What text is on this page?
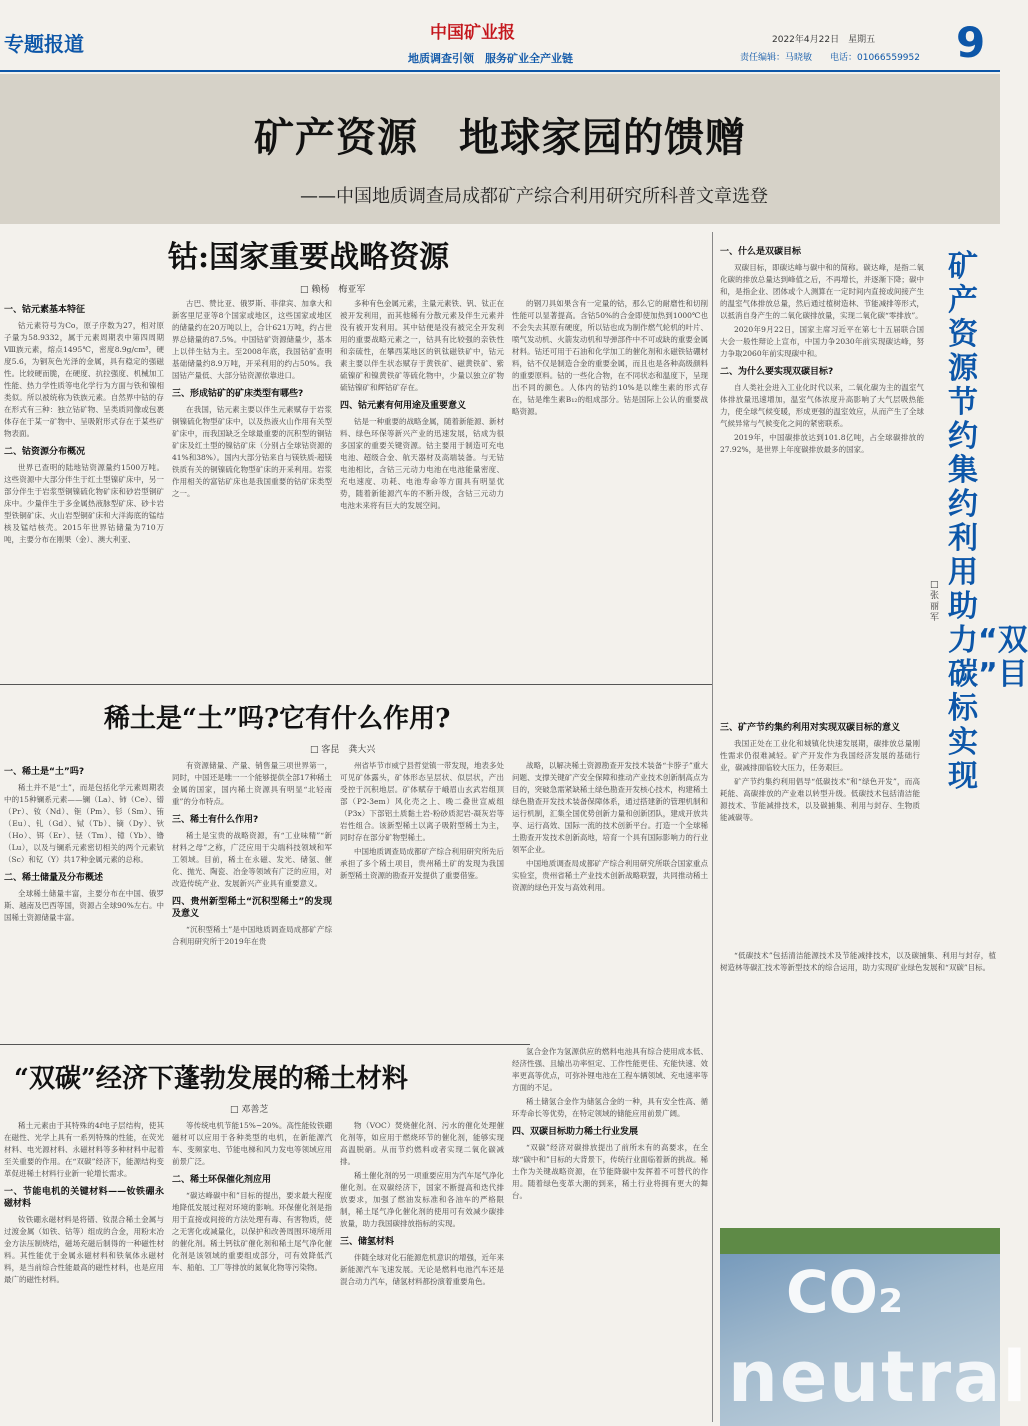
专题报道	中国矿业报
地质调查引领　服务矿业全产业链
2022年4月22日　星期五
责任编辑：马晓敏　　电话：01066559952 9
矿产资源　地球家园的馈赠
——中国地质调查局成都矿产综合利用研究所科普文章选登
钴:国家重要战略资源
□ 赖杨　梅亚军
一、钴元素基本特征

钴元素符号为Co，原子序数为27，相对原子量为58.9332，属于元素周期表中第四周期Ⅷ族元素，熔点1495℃，密度8.9g/cm³，硬度5.6，为铜灰色光泽的金属，具有稳定的强磁性。比较硬而脆，在硬度、抗拉强度、机械加工性能、热力学性质等电化学行为方面与铁和镍相类似。所以被统称为铁族元素。自然界中钴的存在形式有三种：独立钴矿物、呈类质同像或包裹体存在于某一矿物中、呈吸附形式存在于某些矿物表面。

二、钴资源分布概况

世界已查明的陆地钴资源量约1500万吨。这些资源中大部分伴生于红土型镍矿床中，另一部分伴生于岩浆型铜镍硫化物矿床和砂岩型铜矿床中。少量伴生于多金属热液脉型矿床、砂卡岩型铁铜矿床、火山岩型铜矿床和大洋海底的锰结核及锰结核壳。2015年世界钴储量为710万吨，主要分布在刚果（金）、澳大利亚、

古巴、赞比亚、俄罗斯、菲律宾、加拿大和新客里尼亚等8个国家或地区，这些国家或地区的储量约在20万吨以上，合计621万吨，约占世界总储量的87.5%。中国钴矿资源储量少，基本上以伴生钴为主。至2008年底，我国钴矿查明基础储量约8.9万吨，开采利用的约占50%。我国钴产量低、大部分钴资源依靠进口。

三、形成钴矿的矿床类型有哪些?

在我国，钴元素主要以伴生元素赋存于岩浆铜镍硫化物型矿床中，以及热液火山作用有关型矿床中，而我国缺乏全球最重要的沉积型的铜钴矿床及红土型的镍钴矿床（分别占全球钴资源的41%和38%）。国内大部分钴来自与镁铁质-超镁铁质有关的铜镍硫化物型矿床的开采利用。岩浆作用相关的富钴矿床也是我国重要的钴矿床类型之一。

多种有色金属元素，主量元素铁、钒、钛正在被开发利用，而其他稀有分散元素及伴生元素并没有被开发利用。其中钴便是没有被完全开发利用的重要战略元素之一，钴具有比较强的亲铁性和亲硫性，在攀西某地区的钒钛磁铁矿中，钴元素主要以伴生状态赋存于黄铁矿、磁黄铁矿、紫硫镍矿和镍黄铁矿等硫化物中，少量以独立矿物硫钴镍矿和辉钴矿存在。

四、钴元素有何用途及重要意义

钴是一种重要的战略金属，随着新能源、新材料、绿色环保等新兴产业的迅速发展，钴成为很多国家的重要关键资源。钴主要用于制造可充电电池、超级合金、航天器材及高端装备。与无钴电池相比，含钴三元动力电池在电池能量密度、充电速度、功耗、电池寿命等方面具有明显优势，随着新能源汽车的不断升级，含钴三元动力电池未来将有巨大的发展空间。

的钢刀具如果含有一定量的钴，那么它的耐磨性和切削性能可以显著提高。含钴50%的合金即使加热到1000℃也不会失去其原有硬度，所以钴也成为制作燃气轮机的叶片、喷气发动机、火箭发动机和导弹部件中不可或缺的重要金属材料。钴还可用于石油和化学加工的催化剂和永磁铁钴硼材料，钴不仅是制造合金的重要金属，而且也是各种高级颜料的重要原料。钴的一些化合物，在不同状态和温度下，呈现出不同的颜色。人体内的钴约10%是以维生素的形式存在，钴是维生素B₁₂的组成部分。钴是国际上公认的重要战略资源。

稀土是“土”吗?它有什么作用?
□ 客昆　龚大兴
一、稀土是“土”吗?

稀土并不是“土”，而是包括化学元素周期表中的15种镧系元素——镧（La）、铈（Ce）、镨（Pr）、钕（Nd）、钷（Pm）、钐（Sm）、铕（Eu）、钆（Gd）、铽（Tb）、镝（Dy）、钬（Ho）、铒（Er）、铥（Tm）、镱（Yb）、镥（Lu），以及与镧系元素密切相关的两个元素钪（Sc）和钇（Y）共17种金属元素的总称。

二、稀土储量及分布概述

全球稀土储量丰富，主要分布在中国、俄罗斯、越南及巴西等国，资源占全球90%左右。中国稀土资源储量丰富。

有资源储量、产量、销售量三项世界第一，同时，中国还是唯一一个能够提供全部17种稀土金属的国家，国内稀土资源具有明显“北轻南重”的分布特点。

三、稀土有什么作用?

稀土是宝贵的战略资源，有“工业味精”“新材料之母”之称，广泛应用于尖端科技领域和军工领域。目前，稀土在永磁、发光、储氢、催化、抛光、陶瓷、冶金等领域有广泛的应用，对改造传统产业、发展新兴产业具有重要意义。

四、贵州新型稀土“沉积型稀土”的发现及意义

“沉积型稀土”是中国地质调查局成都矿产综合利用研究所于2019年在贵

州省毕节市威宁县哲觉镇一带发现，地表多处可见矿体露头，矿体形态呈层状、似层状，产出受控于沉积地层。矿体赋存于峨眉山玄武岩组顶部（P2-3em）风化壳之上、晚二叠世宣威组（P3x）下部铝土质黏土岩-粉砂质泥岩-凝灰岩等岩性组合。该新型稀土以离子吸附型稀土为主，同时存在部分矿物型稀土。

中国地质调查局成都矿产综合利用研究所先后承担了多个稀土项目，贵州稀土矿的发现为我国新型稀土资源的勘查开发提供了重要借鉴。

战略，以解决稀土资源勘查开发技术装备“卡脖子”重大问题、支撑关键矿产安全保障和推动产业技术创新制高点为目的，突破急需紧缺稀土绿色勘查开发核心技术，构建稀土绿色勘查开发技术装备保障体系，通过搭建新的管理机制和运行机制，汇集全国优势创新力量和创新团队，建成开放共享、运行高效、国际一流的技术创新平台。打造一个全球稀土勘查开发技术创新高地，培育一个具有国际影响力的行业领军企业。

中国地质调查局成都矿产综合利用研究所联合国家重点实验室，贵州省稀土产业技术创新战略联盟，共同推动稀土资源的绿色开发与高效利用。

“双碳”经济下蓬勃发展的稀土材料
□ 邓善芝

稀土元素由于其特殊的4f电子层结构，使其在磁性、光学上具有一系列特殊的性能，在荧光材料、电光源材料、永磁材料等多种材料中起着至关重要的作用。在“双碳”经济下，能源结构变革促进稀土材料行业新一轮增长需求。

一、节能电机的关键材料——钕铁硼永磁材料

钕铁硼永磁材料是将镨、钕混合稀土金属与过渡金属（如铁、钴等）组成的合金，用粉末冶金方法压制烧结，磁场充磁后制得的一种磁性材料。其性能优于金属永磁材料和铁氧体永磁材料，是当前综合性能最高的磁性材料，也是应用最广的磁性材料。

等传统电机节能15%~20%。高性能钕铁硼磁材可以应用于各种类型的电机，在新能源汽车、变频家电、节能电梯和风力发电等领域应用前景广泛。

二、稀土环保催化剂应用

“碳达峰碳中和”目标的提出，要求最大程度地降低发展过程对环境的影响。环保催化剂是指用于直接或间接的方法处理有毒、有害物质，使之无害化或减量化，以保护和改善周围环境所用的催化剂。稀土钙钛矿催化剂和稀土尾气净化催化剂是该领域的重要组成部分，可有效降低汽车、船舶、工厂等排放的氮氧化物等污染物。

物（VOC）焚烧催化剂、污水的催化处理催化剂等，如应用于燃烧环节的催化剂，能够实现高温脱硝。从而节约燃料或者实现二氧化碳减排。

稀土催化剂的另一项重要应用为汽车尾气净化催化剂。在双碳经济下，国家不断提高和迭代排放要求，加强了燃油发标准和各油车的严格限制，稀土尾气净化催化剂的使用可有效减少碳排放量，助力我国碳排放指标的实现。

三、储氢材料

伴随全球对化石能源危机意识的增强，近年来新能源汽车飞速发展。无论是燃料电池汽车还是混合动力汽车，储氢材料都扮演着重要角色。

氢合金作为氢源供应的燃料电池具有综合使用成本低、经济性强、且输出功率恒定、工作性能更佳、充能快速、效率更高等优点，可弥补锂电池在工程车辆领域、充电速率等方面的不足。

稀土储氢合金作为储氢合金的一种，具有安全性高、循环寿命长等优势，在特定领域的储能应用前景广阔。

四、双碳目标助力稀土行业发展

“双碳”经济对碳排放提出了前所未有的高要求，在全球“碳中和”目标的大背景下，传统行业面临着新的挑战。稀土作为关键战略资源，在节能降碳中发挥着不可替代的作用。随着绿色变革大潮的到来，稀土行业将拥有更大的舞台。

矿产资源节约集约利用助力“双碳”目标实现
□ 张丽军
一、什么是双碳目标

双碳目标，即碳达峰与碳中和的简称。碳达峰，是指二氧化碳的排放总量达到峰值之后，不再增长，并逐渐下降；碳中和，是指企业、团体或个人测算在一定时间内直接或间接产生的温室气体排放总量，然后通过植树造林、节能减排等形式，以抵消自身产生的二氧化碳排放量，实现二氧化碳“零排放”。

2020年9月22日，国家主席习近平在第七十五届联合国大会一般性辩论上宣布，中国力争2030年前实现碳达峰，努力争取2060年前实现碳中和。

二、为什么要实现双碳目标?

自人类社会进入工业化时代以来，二氧化碳为主的温室气体排放量迅速增加，温室气体浓度升高影响了大气层吸热能力，使全球气候变暖，形成更强的温室效应，从而产生了全球气候异常与气候变化之间的紧密联系。

2019年，中国碳排放达到101.8亿吨，占全球碳排放的27.92%，是世界上年度碳排放最多的国家。

三、矿产节约集约利用对实现双碳目标的意义

我国正处在工业化和城镇化快速发展期，碳排放总量刚性需求仍很难减轻。矿产开发作为我国经济发展的基础行业，碳减排面临较大压力，任务艰巨。

矿产节约集约利用倡导“低碳技术”和“绿色开发”，而高耗能、高碳排放的产业难以转型升级。低碳技术包括清洁能源技术、节能减排技术，以及碳捕集、利用与封存、生物质能减碳等。

“低碳技术”包括清洁能源技术及节能减排技术，以及碳捕集、利用与封存，植树造林等碳汇技术等新型技术的综合运用，助力实现矿业绿色发展和“双碳”目标。

CO₂
neutral
